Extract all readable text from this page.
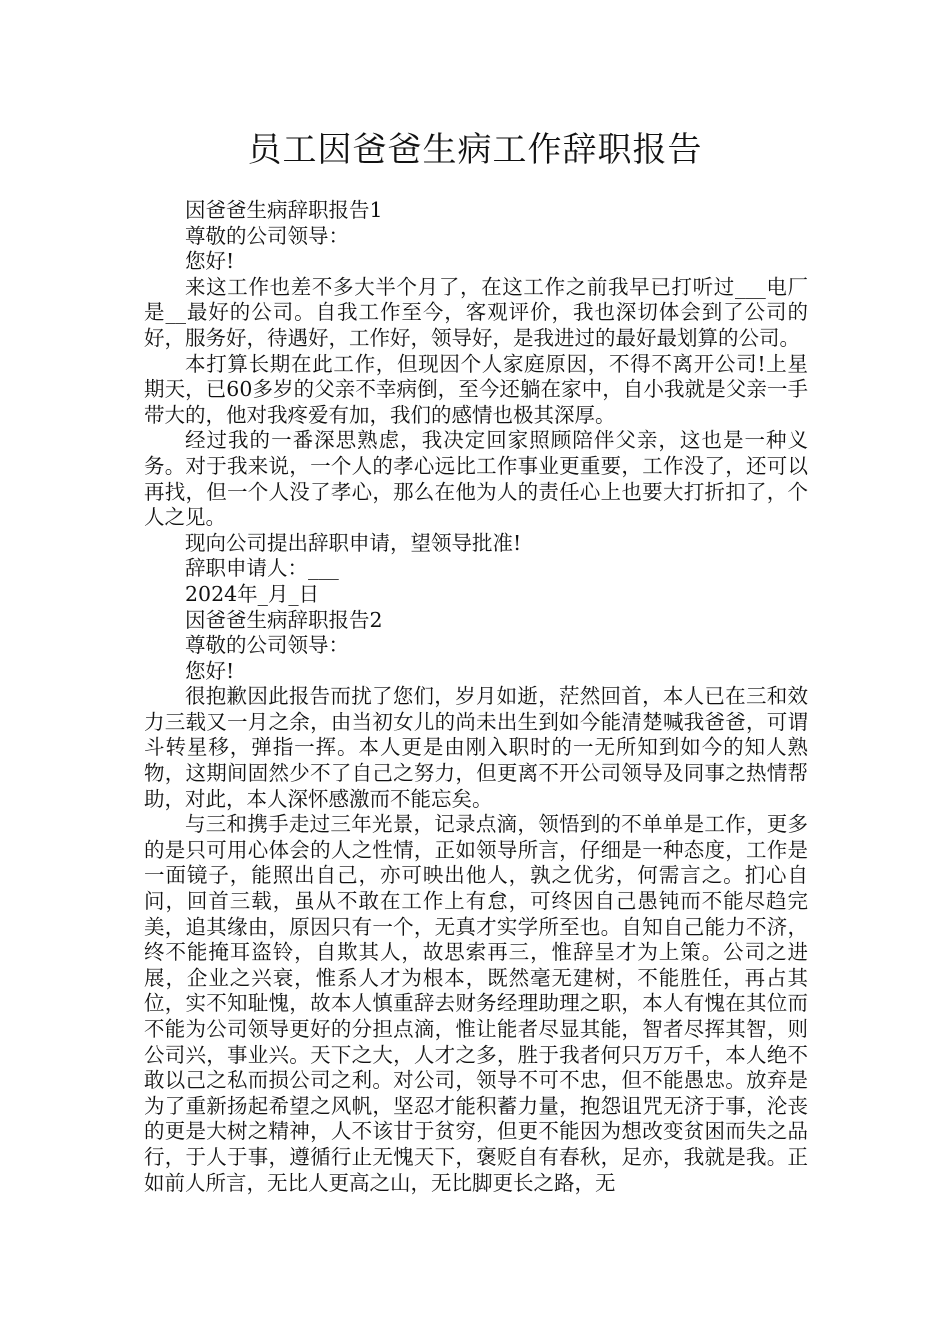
员工因爸爸生病工作辞职报告

因爸爸生病辞职报告1

尊敬的公司领导：

您好!

来这工作也差不多大半个月了，在这工作之前我早已打听过___电厂是__最好的公司。自我工作至今，客观评价，我也深切体会到了公司的好，服务好，待遇好，工作好，领导好，是我进过的最好最划算的公司。

本打算长期在此工作，但现因个人家庭原因，不得不离开公司!上星期天，已60多岁的父亲不幸病倒，至今还躺在家中，自小我就是父亲一手带大的，他对我疼爱有加，我们的感情也极其深厚。

经过我的一番深思熟虑，我决定回家照顾陪伴父亲，这也是一种义务。对于我来说，一个人的孝心远比工作事业更重要，工作没了，还可以再找，但一个人没了孝心，那么在他为人的责任心上也要大打折扣了，个人之见。

现向公司提出辞职申请，望领导批准!

辞职申请人：___

2024年_月_日

因爸爸生病辞职报告2

尊敬的公司领导：

您好!

很抱歉因此报告而扰了您们，岁月如逝，茫然回首，本人已在三和效力三载又一月之余，由当初女儿的尚未出生到如今能清楚喊我爸爸，可谓斗转星移，弹指一挥。本人更是由刚入职时的一无所知到如今的知人熟物，这期间固然少不了自己之努力，但更离不开公司领导及同事之热情帮助，对此，本人深怀感激而不能忘矣。

与三和携手走过三年光景，记录点滴，领悟到的不单单是工作，更多的是只可用心体会的人之性情，正如领导所言，仔细是一种态度，工作是一面镜子，能照出自己，亦可映出他人，孰之优劣，何需言之。扪心自问，回首三载，虽从不敢在工作上有怠，可终因自己愚钝而不能尽趋完美，追其缘由，原因只有一个，无真才实学所至也。自知自己能力不济，终不能掩耳盗铃，自欺其人，故思索再三，惟辞呈才为上策。公司之进展，企业之兴衰，惟系人才为根本，既然毫无建树，不能胜任，再占其位，实不知耻愧，故本人慎重辞去财务经理助理之职，本人有愧在其位而不能为公司领导更好的分担点滴，惟让能者尽显其能，智者尽挥其智，则公司兴，事业兴。天下之大，人才之多，胜于我者何只万万千，本人绝不敢以己之私而损公司之利。对公司，领导不可不忠，但不能愚忠。放弃是为了重新扬起希望之风帆，坚忍才能积蓄力量，抱怨诅咒无济于事，沦丧的更是大树之精神，人不该甘于贫穷，但更不能因为想改变贫困而失之品行，于人于事，遵循行止无愧天下，褒贬自有春秋，足亦，我就是我。正如前人所言，无比人更高之山，无比脚更长之路，无
